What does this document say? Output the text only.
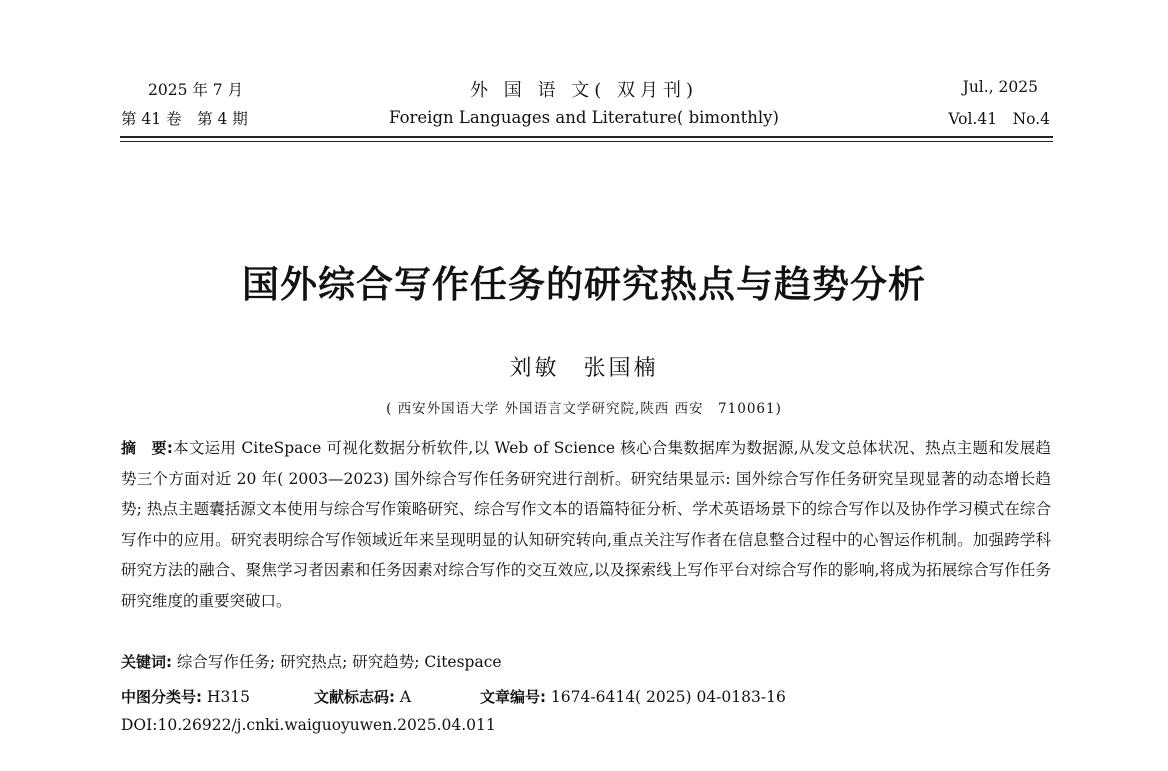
2025 年 7 月
第 41 卷　第 4 期
外 国 语 文( 双月刊)
Foreign Languages and Literature( bimonthly)
Jul., 2025
Vol.41　No.4
国外综合写作任务的研究热点与趋势分析
刘敏 张国楠
( 西安外国语大学 外国语言文学研究院,陕西 西安　710061)
摘　要:本文运用 CiteSpace 可视化数据分析软件,以 Web of Science 核心合集数据库为数据源,从发文总体状况、热点主题和发展趋势三个方面对近 20 年( 2003—2023) 国外综合写作任务研究进行剖析。研究结果显示: 国外综合写作任务研究呈现显著的动态增长趋势; 热点主题囊括源文本使用与综合写作策略研究、综合写作文本的语篇特征分析、学术英语场景下的综合写作以及协作学习模式在综合写作中的应用。研究表明综合写作领域近年来呈现明显的认知研究转向,重点关注写作者在信息整合过程中的心智运作机制。加强跨学科研究方法的融合、聚焦学习者因素和任务因素对综合写作的交互效应,以及探索线上写作平台对综合写作的影响,将成为拓展综合写作任务研究维度的重要突破口。
关键词: 综合写作任务; 研究热点; 研究趋势; Citespace
中图分类号: H315	文献标志码: A	文章编号: 1674-6414( 2025) 04-0183-16
DOI:10.26922/j.cnki.waiguoyuwen.2025.04.011
